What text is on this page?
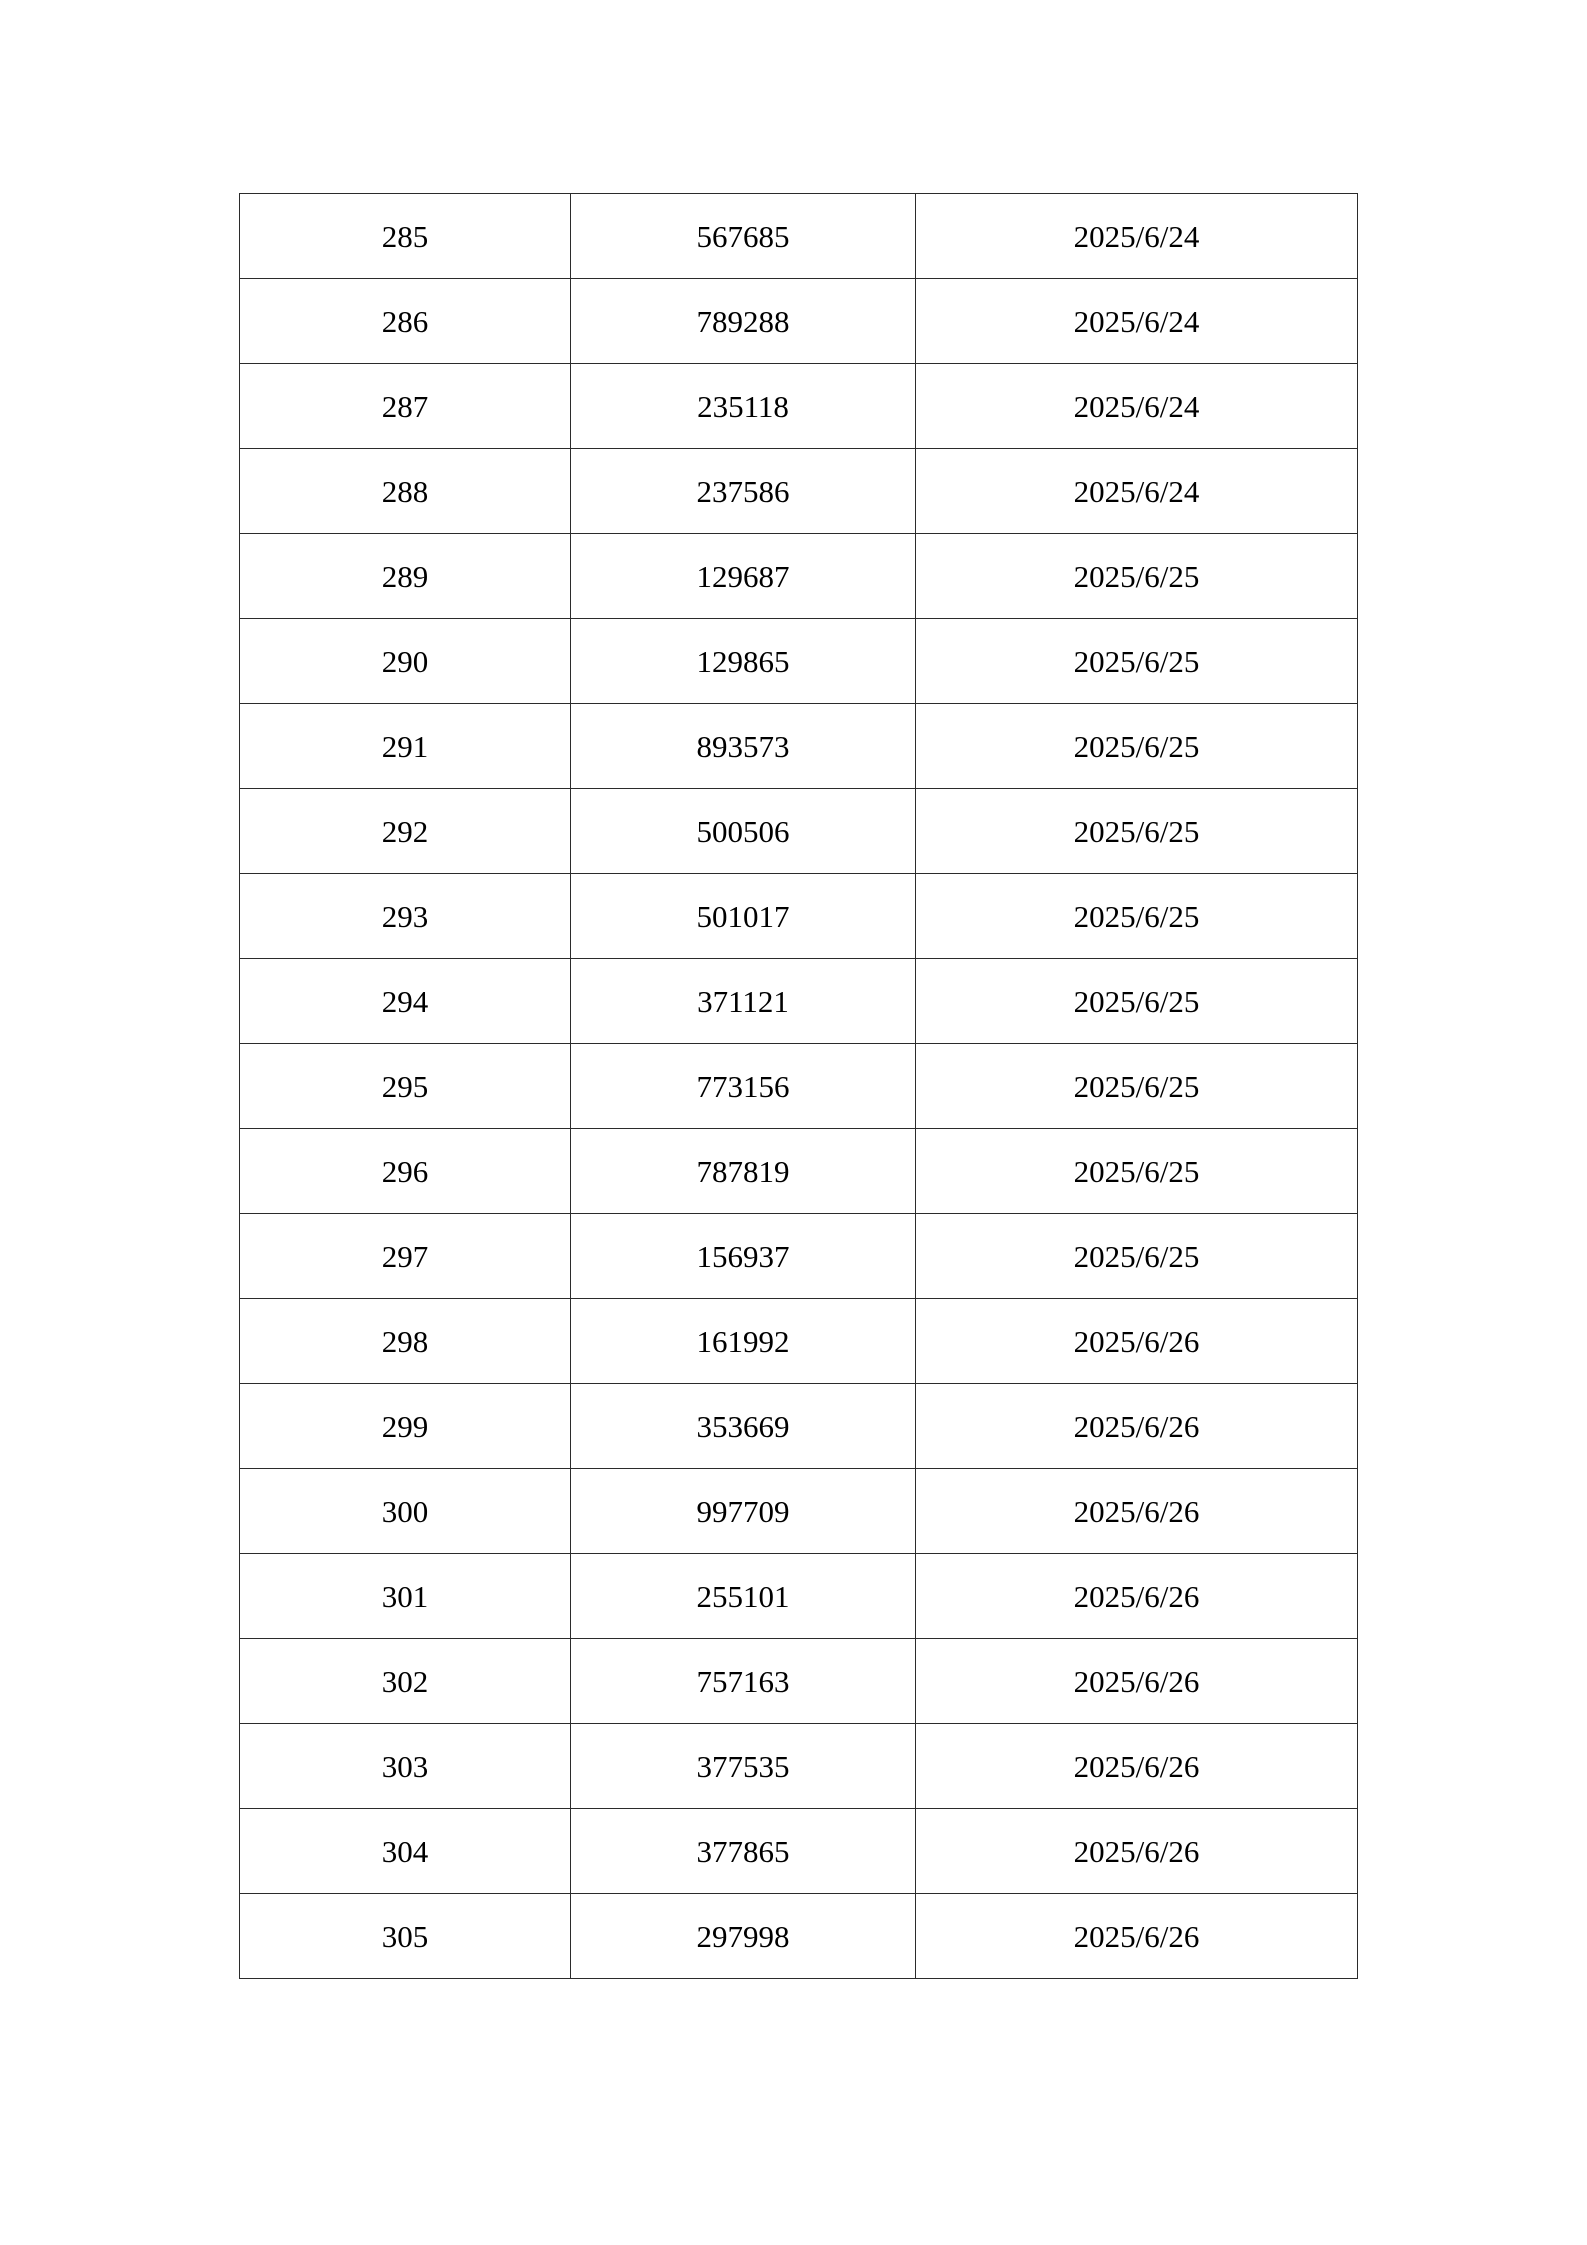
285	567685	2025/6/24
286	789288	2025/6/24
287	235118	2025/6/24
288	237586	2025/6/24
289	129687	2025/6/25
290	129865	2025/6/25
291	893573	2025/6/25
292	500506	2025/6/25
293	501017	2025/6/25
294	371121	2025/6/25
295	773156	2025/6/25
296	787819	2025/6/25
297	156937	2025/6/25
298	161992	2025/6/26
299	353669	2025/6/26
300	997709	2025/6/26
301	255101	2025/6/26
302	757163	2025/6/26
303	377535	2025/6/26
304	377865	2025/6/26
305	297998	2025/6/26
